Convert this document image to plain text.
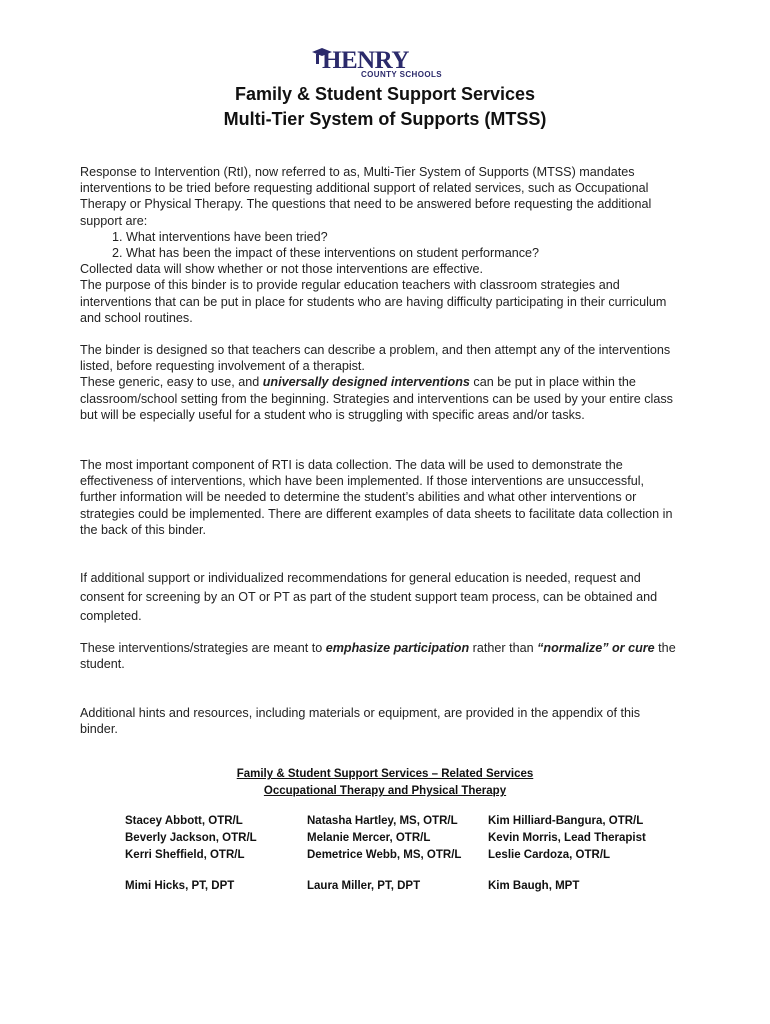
HENRY
COUNTY SCHOOLS
Family & Student Support Services
Multi-Tier System of Supports (MTSS)
Response to Intervention (RtI), now referred to as, Multi-Tier System of Supports (MTSS) mandates interventions to be tried before requesting additional support of related services, such as Occupational Therapy or Physical Therapy. The questions that need to be answered before requesting the additional support are:
1. What interventions have been tried?
2. What has been the impact of these interventions on student performance?
Collected data will show whether or not those interventions are effective.
The purpose of this binder is to provide regular education teachers with classroom strategies and interventions that can be put in place for students who are having difficulty participating in their curriculum and school routines.
The binder is designed so that teachers can describe a problem, and then attempt any of the interventions listed, before requesting involvement of a therapist.
These generic, easy to use, and universally designed interventions can be put in place within the classroom/school setting from the beginning. Strategies and interventions can be used by your entire class but will be especially useful for a student who is struggling with specific areas and/or tasks.
The most important component of RTI is data collection. The data will be used to demonstrate the effectiveness of interventions, which have been implemented. If those interventions are unsuccessful, further information will be needed to determine the student’s abilities and what other interventions or strategies could be implemented. There are different examples of data sheets to facilitate data collection in the back of this binder.
If additional support or individualized recommendations for general education is needed, request and consent for screening by an OT or PT as part of the student support team process, can be obtained and completed.
These interventions/strategies are meant to emphasize participation rather than “normalize” or cure the student.
Additional hints and resources, including materials or equipment, are provided in the appendix of this binder.
Family & Student Support Services – Related Services
Occupational Therapy and Physical Therapy
Stacey Abbott, OTR/L
Beverly Jackson, OTR/L
Kerri Sheffield, OTR/L
Natasha Hartley, MS, OTR/L
Melanie Mercer, OTR/L
Demetrice Webb, MS, OTR/L
Kim Hilliard-Bangura, OTR/L
Kevin Morris, Lead Therapist
Leslie Cardoza, OTR/L
Mimi Hicks, PT, DPT	Laura Miller, PT, DPT	Kim Baugh, MPT
